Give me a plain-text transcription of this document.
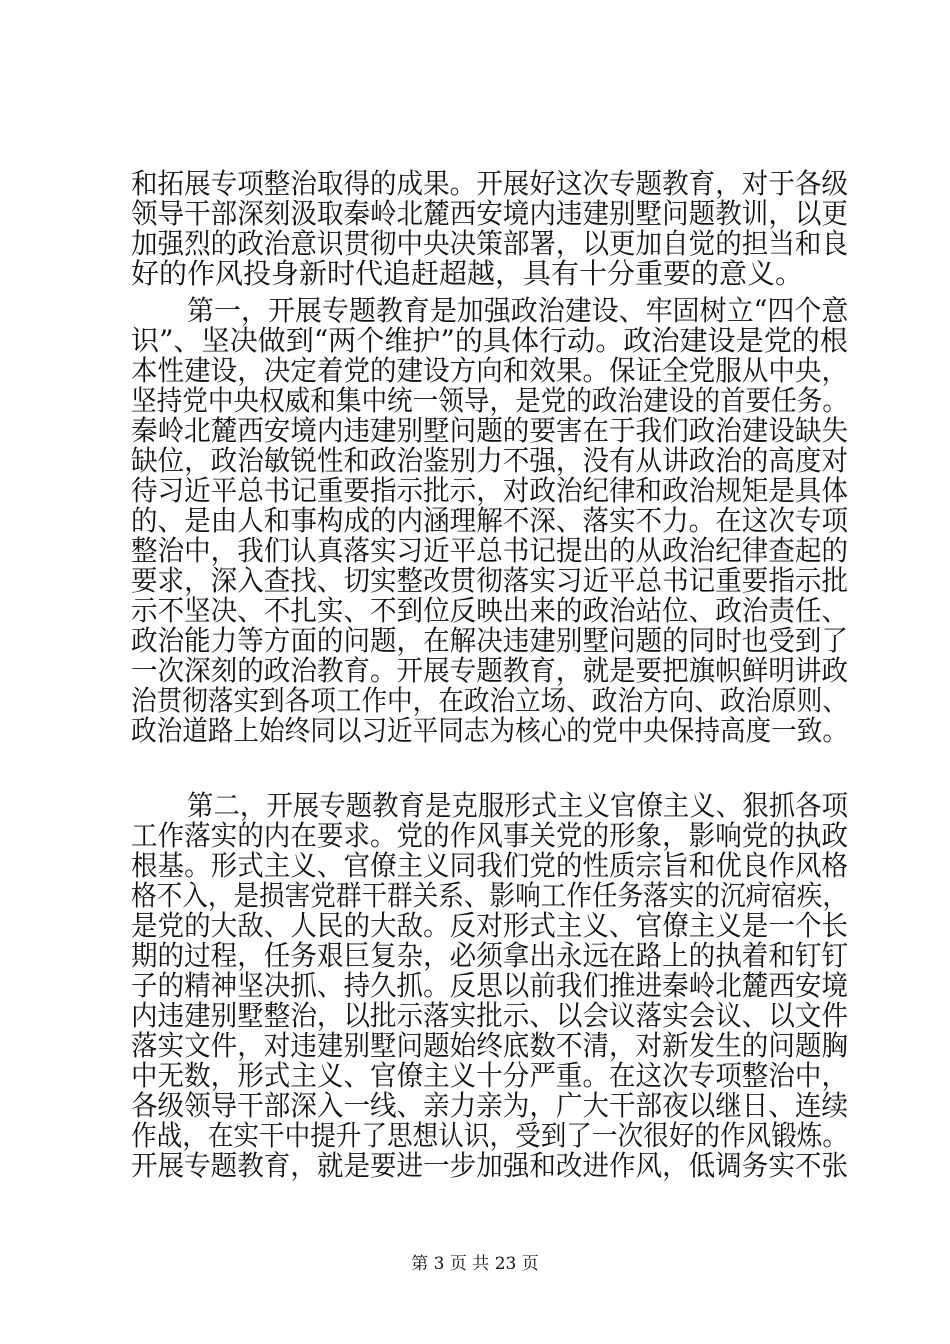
和拓展专项整治取得的成果。开展好这次专题教育，对于各级
领导干部深刻汲取秦岭北麓西安境内违建别墅问题教训，以更
加强烈的政治意识贯彻中央决策部署，以更加自觉的担当和良
好的作风投身新时代追赶超越，具有十分重要的意义。
第一，开展专题教育是加强政治建设、牢固树立“四个意
识”、坚决做到“两个维护”的具体行动。政治建设是党的根
本性建设，决定着党的建设方向和效果。保证全党服从中央，
坚持党中央权威和集中统一领导，是党的政治建设的首要任务。
秦岭北麓西安境内违建别墅问题的要害在于我们政治建设缺失
缺位，政治敏锐性和政治鉴别力不强，没有从讲政治的高度对
待习近平总书记重要指示批示，对政治纪律和政治规矩是具体
的、是由人和事构成的内涵理解不深、落实不力。在这次专项
整治中，我们认真落实习近平总书记提出的从政治纪律查起的
要求，深入查找、切实整改贯彻落实习近平总书记重要指示批
示不坚决、不扎实、不到位反映出来的政治站位、政治责任、
政治能力等方面的问题，在解决违建别墅问题的同时也受到了
一次深刻的政治教育。开展专题教育，就是要把旗帜鲜明讲政
治贯彻落实到各项工作中，在政治立场、政治方向、政治原则、
政治道路上始终同以习近平同志为核心的党中央保持高度一致。
第二，开展专题教育是克服形式主义官僚主义、狠抓各项
工作落实的内在要求。党的作风事关党的形象，影响党的执政
根基。形式主义、官僚主义同我们党的性质宗旨和优良作风格
格不入，是损害党群干群关系、影响工作任务落实的沉疴宿疾，
是党的大敌、人民的大敌。反对形式主义、官僚主义是一个长
期的过程，任务艰巨复杂，必须拿出永远在路上的执着和钉钉
子的精神坚决抓、持久抓。反思以前我们推进秦岭北麓西安境
内违建别墅整治，以批示落实批示、以会议落实会议、以文件
落实文件，对违建别墅问题始终底数不清，对新发生的问题胸
中无数，形式主义、官僚主义十分严重。在这次专项整治中，
各级领导干部深入一线、亲力亲为，广大干部夜以继日、连续
作战，在实干中提升了思想认识，受到了一次很好的作风锻炼。
开展专题教育，就是要进一步加强和改进作风，低调务实不张
第 3 页 共 23 页
